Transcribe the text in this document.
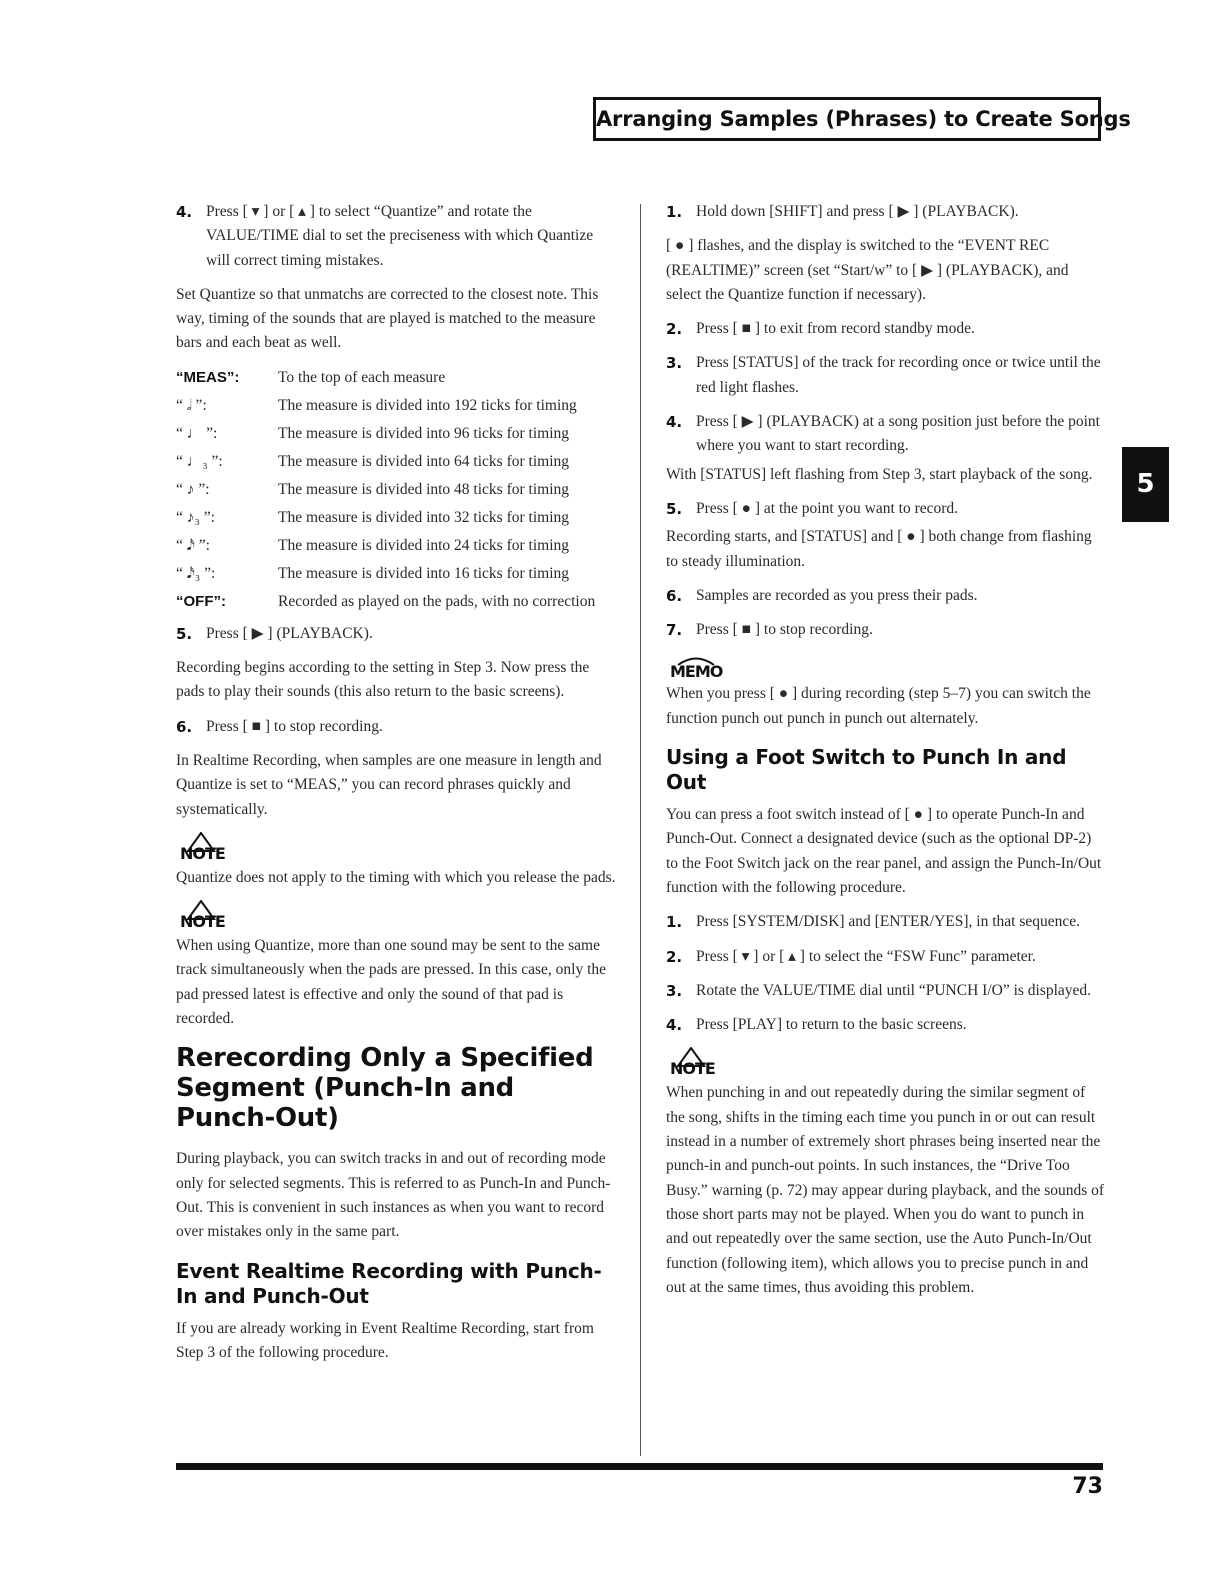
Arranging Samples (Phrases) to Create Songs
4. Press [ ▾ ] or [ ▴ ] to select “Quantize” and rotate the VALUE/TIME dial to set the preciseness with which Quantize will correct timing mistakes.

Set Quantize so that unmatchs are corrected to the closest note. This way, timing of the sounds that are played is matched to the measure bars and each beat as well.

“MEAS”:	To the top of each measure
“ 𝅗𝅥 ”:	The measure is divided into 192 ticks for timing
“ ♩ ”:	The measure is divided into 96 ticks for timing
“ ♩₃ ”:	The measure is divided into 64 ticks for timing
“ ♪ ”:	The measure is divided into 48 ticks for timing
“ ♪₃ ”:	The measure is divided into 32 ticks for timing
“ 𝅘𝅥𝅯 ”:	The measure is divided into 24 ticks for timing
“ 𝅘𝅥𝅯₃ ”:	The measure is divided into 16 ticks for timing
“OFF”:	Recorded as played on the pads, with no correction
5. Press [ ▶ ] (PLAYBACK).

Recording begins according to the setting in Step 3. Now press the pads to play their sounds (this also return to the basic screens).

6. Press [ ■ ] to stop recording.

In Realtime Recording, when samples are one measure in length and Quantize is set to “MEAS,” you can record phrases quickly and systematically.

NOTE

Quantize does not apply to the timing with which you release the pads.

NOTE

When using Quantize, more than one sound may be sent to the same track simultaneously when the pads are pressed. In this case, only the pad pressed latest is effective and only the sound of that pad is recorded.

Rerecording Only a Specified Segment (Punch-In and Punch-Out)

During playback, you can switch tracks in and out of recording mode only for selected segments. This is referred to as Punch-In and Punch-Out. This is convenient in such instances as when you want to record over mistakes only in the same part.

Event Realtime Recording with Punch-In and Punch-Out

If you are already working in Event Realtime Recording, start from Step 3 of the following procedure.

1. Hold down [SHIFT] and press [ ▶ ] (PLAYBACK).

[ ● ] flashes, and the display is switched to the “EVENT REC (REALTIME)” screen (set “Start/w” to [ ▶ ] (PLAYBACK), and select the Quantize function if necessary).

2. Press [ ■ ] to exit from record standby mode.
3. Press [STATUS] of the track for recording once or twice until the red light flashes.
4. Press [ ▶ ] (PLAYBACK) at a song position just before the point where you want to start recording.

With [STATUS] left flashing from Step 3, start playback of the song.

5. Press [ ● ] at the point you want to record.

Recording starts, and [STATUS] and [ ● ] both change from flashing to steady illumination.

6. Samples are recorded as you press their pads.
7. Press [ ■ ] to stop recording.
MEMO

When you press [ ● ] during recording (step 5–7) you can switch the function punch out punch in punch out alternately.

Using a Foot Switch to Punch In and Out

You can press a foot switch instead of [ ● ] to operate Punch-In and Punch-Out. Connect a designated device (such as the optional DP-2) to the Foot Switch jack on the rear panel, and assign the Punch-In/Out function with the following procedure.

1. Press [SYSTEM/DISK] and [ENTER/YES], in that sequence.
2. Press [ ▾ ] or [ ▴ ] to select the “FSW Func” parameter.
3. Rotate the VALUE/TIME dial until “PUNCH I/O” is displayed.
4. Press [PLAY] to return to the basic screens.
NOTE

When punching in and out repeatedly during the similar segment of the song, shifts in the timing each time you punch in or out can result instead in a number of extremely short phrases being inserted near the punch-in and punch-out points. In such instances, the “Drive Too Busy.” warning (p. 72) may appear during playback, and the sounds of those short parts may not be played. When you do want to punch in and out repeatedly over the same section, use the Auto Punch-In/Out function (following item), which allows you to precise punch in and out at the same times, thus avoiding this problem.

5
73
